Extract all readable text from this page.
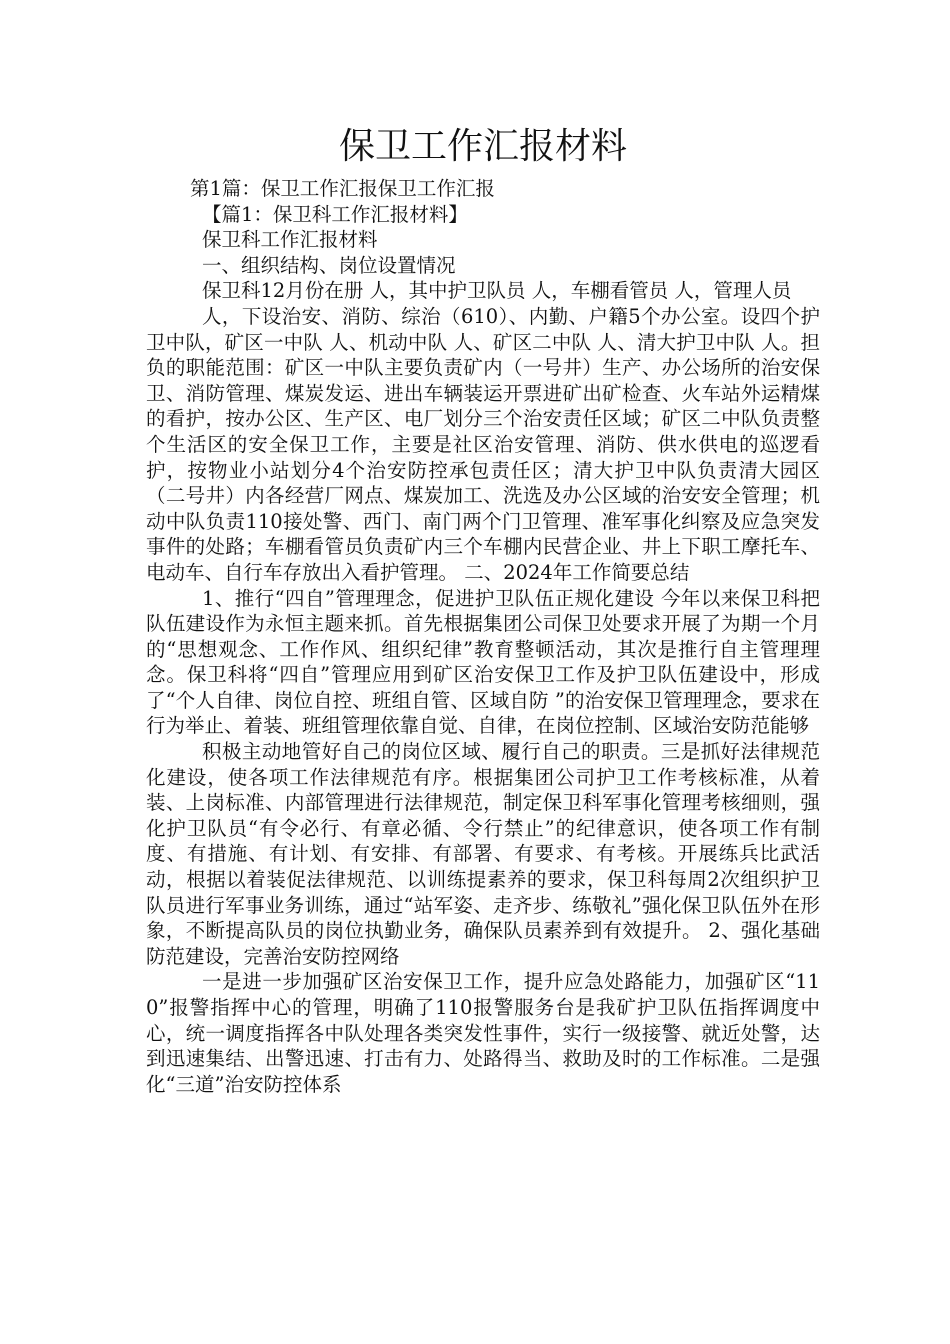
保卫工作汇报材料

第1篇：保卫工作汇报保卫工作汇报

【篇1：保卫科工作汇报材料】

保卫科工作汇报材料

一、组织结构、岗位设置情况

保卫科12月份在册 人，其中护卫队员 人，车棚看管员 人，管理人员

人，下设治安、消防、综治（610）、内勤、户籍5个办公室。设四个护卫中队，矿区一中队 人、机动中队 人、矿区二中队 人、清大护卫中队 人。担负的职能范围：矿区一中队主要负责矿内（一号井）生产、办公场所的治安保卫、消防管理、煤炭发运、进出车辆装运开票进矿出矿检查、火车站外运精煤的看护，按办公区、生产区、电厂划分三个治安责任区域；矿区二中队负责整个生活区的安全保卫工作，主要是社区治安管理、消防、供水供电的巡逻看护，按物业小站划分4个治安防控承包责任区；清大护卫中队负责清大园区（二号井）内各经营厂网点、煤炭加工、洗选及办公区域的治安安全管理；机动中队负责110接处警、西门、南门两个门卫管理、准军事化纠察及应急突发事件的处路；车棚看管员负责矿内三个车棚内民营企业、井上下职工摩托车、电动车、自行车存放出入看护管理。 二、2024年工作简要总结

1、推行“四自”管理理念，促进护卫队伍正规化建设 今年以来保卫科把队伍建设作为永恒主题来抓。首先根据集团公司保卫处要求开展了为期一个月的“思想观念、工作作风、组织纪律”教育整顿活动，其次是推行自主管理理念。保卫科将“四自”管理应用到矿区治安保卫工作及护卫队伍建设中，形成了“个人自律、岗位自控、班组自管、区域自防 ”的治安保卫管理理念，要求在行为举止、着装、班组管理依靠自觉、自律，在岗位控制、区域治安防范能够

积极主动地管好自己的岗位区域、履行自己的职责。三是抓好法律规范化建设，使各项工作法律规范有序。根据集团公司护卫工作考核标准，从着装、上岗标准、内部管理进行法律规范，制定保卫科军事化管理考核细则，强化护卫队员“有令必行、有章必循、令行禁止”的纪律意识，使各项工作有制度、有措施、有计划、有安排、有部署、有要求、有考核。开展练兵比武活动，根据以着装促法律规范、以训练提素养的要求，保卫科每周2次组织护卫队员进行军事业务训练，通过“站军姿、走齐步、练敬礼”强化保卫队伍外在形象，不断提高队员的岗位执勤业务，确保队员素养到有效提升。 2、强化基础防范建设，完善治安防控网络

一是进一步加强矿区治安保卫工作，提升应急处路能力，加强矿区“110”报警指挥中心的管理，明确了110报警服务台是我矿护卫队伍指挥调度中心，统一调度指挥各中队处理各类突发性事件，实行一级接警、就近处警，达到迅速集结、出警迅速、打击有力、处路得当、救助及时的工作标准。二是强化“三道”治安防控体系
